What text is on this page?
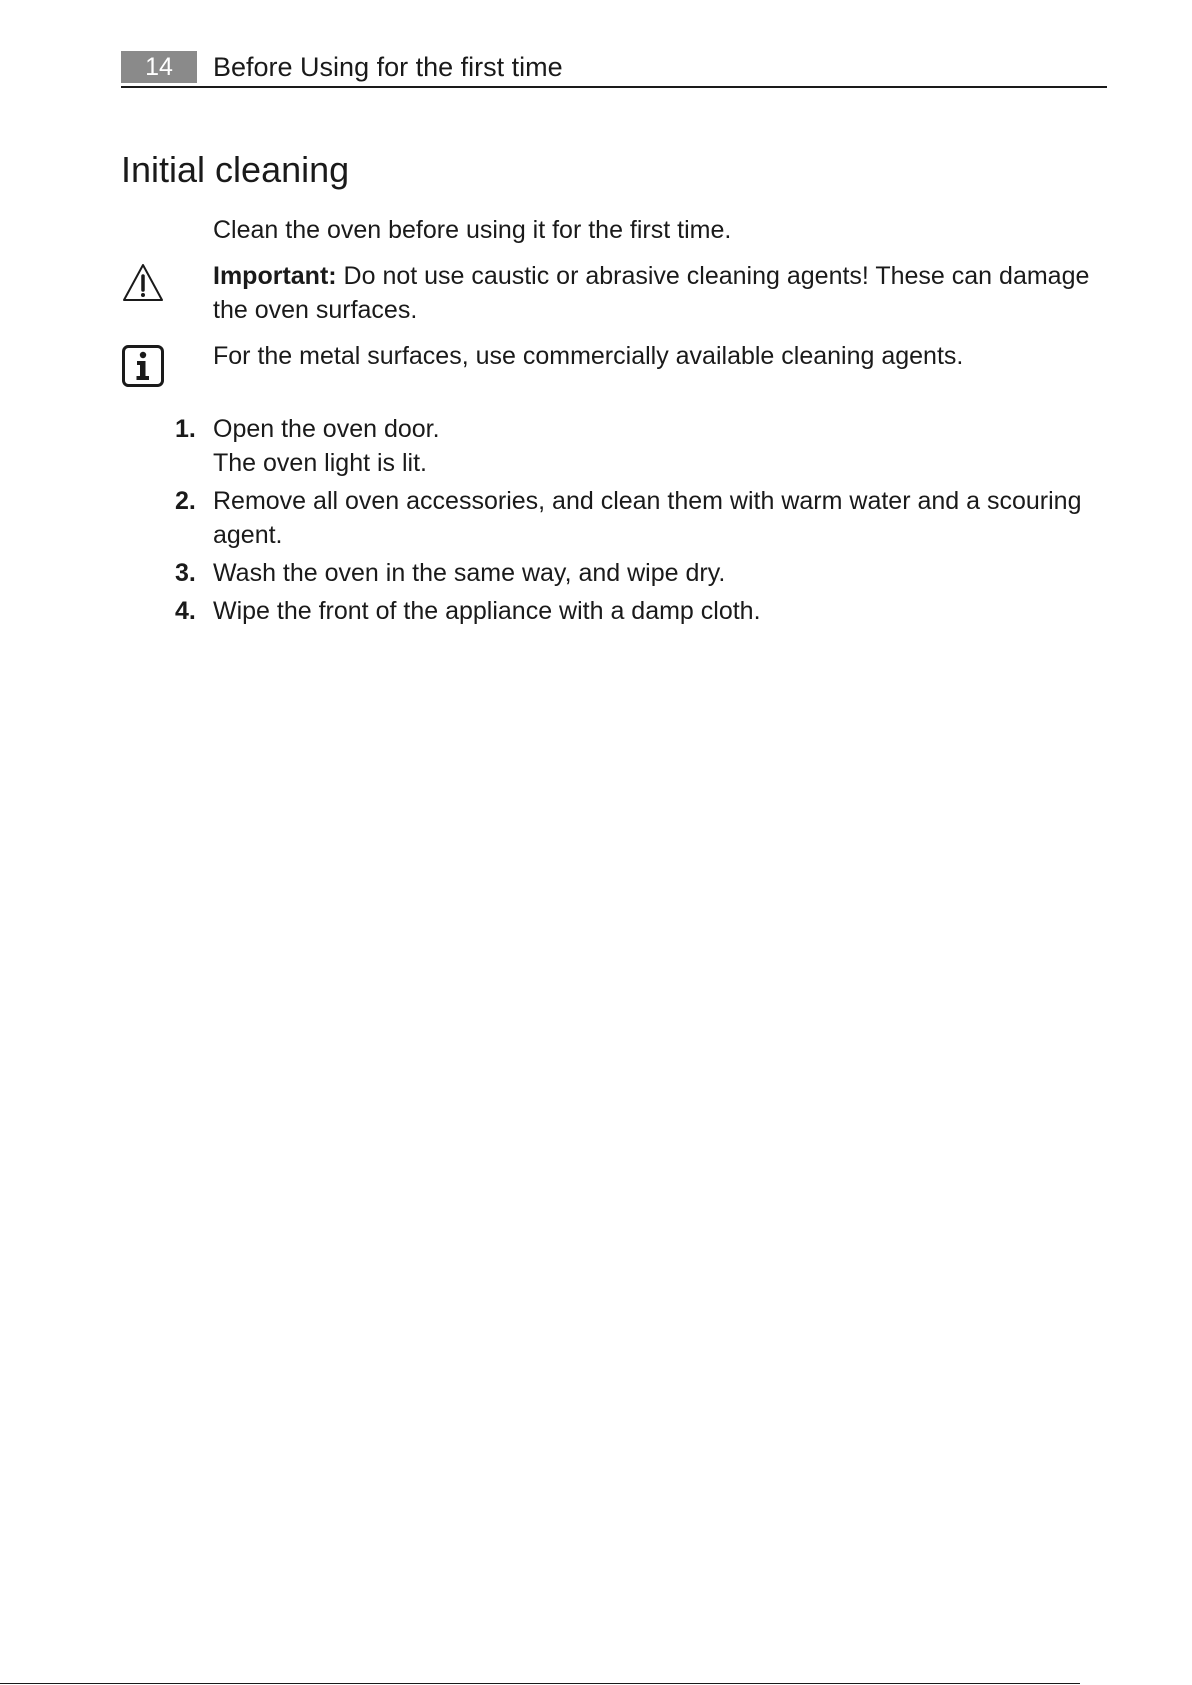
14	Before Using for the first time
Initial cleaning
Clean the oven before using it for the first time.
Important: Do not use caustic or abrasive cleaning agents! These can damage the oven surfaces.
For the metal surfaces, use commercially available cleaning agents.
1. Open the oven door.
The oven light is lit.
2. Remove all oven accessories, and clean them with warm water and a scouring agent.
3. Wash the oven in the same way, and wipe dry.
4. Wipe the front of the appliance with a damp cloth.
